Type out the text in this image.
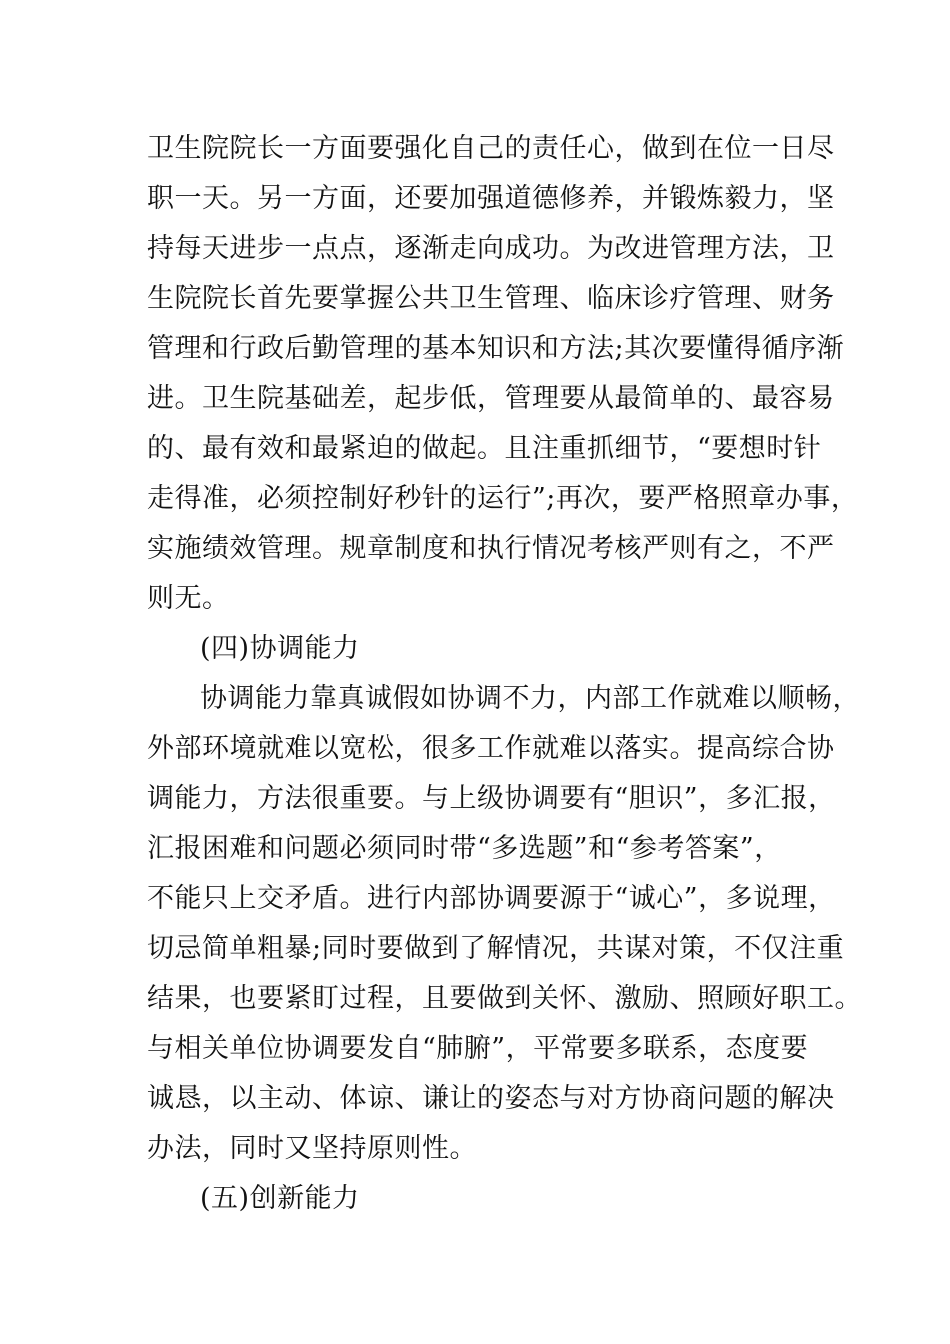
卫生院院长一方面要强化自己的责任心，做到在位一日尽
职一天。另一方面，还要加强道德修养，并锻炼毅力，坚
持每天进步一点点，逐渐走向成功。为改进管理方法，卫
生院院长首先要掌握公共卫生管理、临床诊疗管理、财务
管理和行政后勤管理的基本知识和方法;其次要懂得循序渐
进。卫生院基础差，起步低，管理要从最简单的、最容易
的、最有效和最紧迫的做起。且注重抓细节，“要想时针
走得准，必须控制好秒针的运行”;再次，要严格照章办事，
实施绩效管理。规章制度和执行情况考核严则有之，不严
则无。
(四)协调能力
协调能力靠真诚假如协调不力，内部工作就难以顺畅，
外部环境就难以宽松，很多工作就难以落实。提高综合协
调能力，方法很重要。与上级协调要有“胆识”，多汇报，
汇报困难和问题必须同时带“多选题”和“参考答案”，
不能只上交矛盾。进行内部协调要源于“诚心”，多说理，
切忌简单粗暴;同时要做到了解情况，共谋对策，不仅注重
结果，也要紧盯过程，且要做到关怀、激励、照顾好职工。
与相关单位协调要发自“肺腑”，平常要多联系，态度要
诚恳，以主动、体谅、谦让的姿态与对方协商问题的解决
办法，同时又坚持原则性。
(五)创新能力
